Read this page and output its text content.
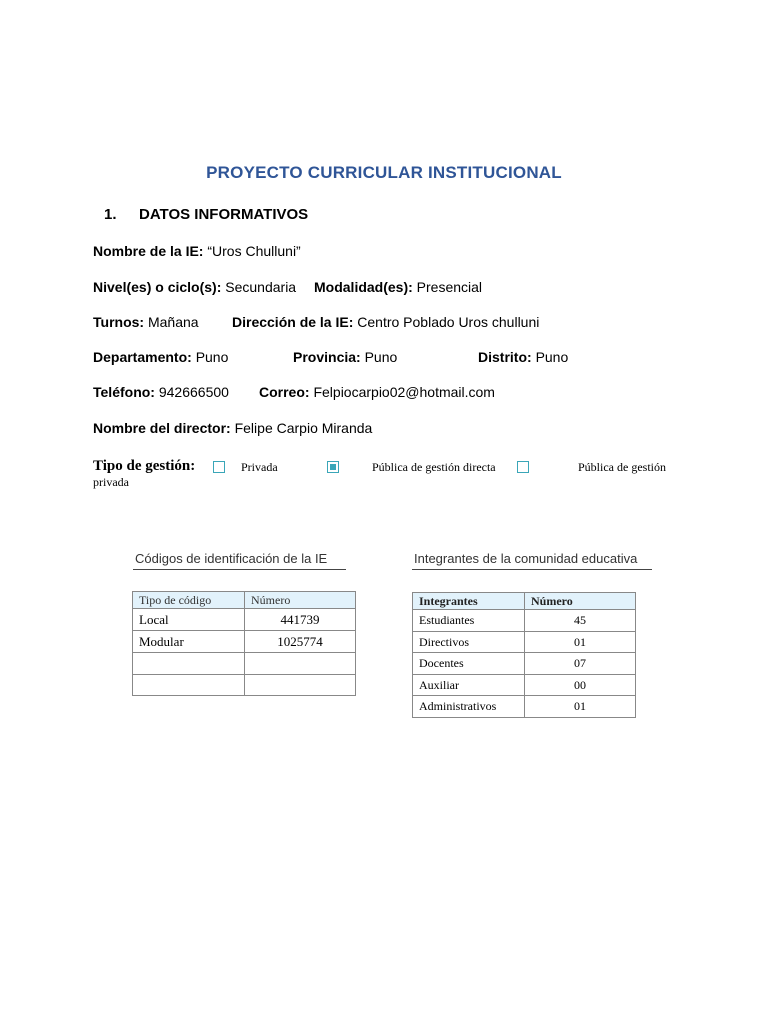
PROYECTO CURRICULAR INSTITUCIONAL
1. DATOS INFORMATIVOS
Nombre de la IE: “Uros Chulluni”
Nivel(es) o ciclo(s): Secundaria Modalidad(es): Presencial
Turnos: Mañana Dirección de la IE: Centro Poblado Uros chulluni
Departamento: Puno	Provincia: Puno	Distrito: Puno
Teléfono: 942666500 Correo: Felpiocarpio02@hotmail.com
Nombre del director: Felipe Carpio Miranda
Tipo de gestión:	Privada	Pública de gestión directa	Pública de gestión
privada
Códigos de identificación de la IE	Integrantes de la comunidad educativa
Tipo de código	Número
Local	441739
Modular	1025774

Integrantes	Número
Estudiantes	45
Directivos	01
Docentes	07
Auxiliar	00
Administrativos	01
